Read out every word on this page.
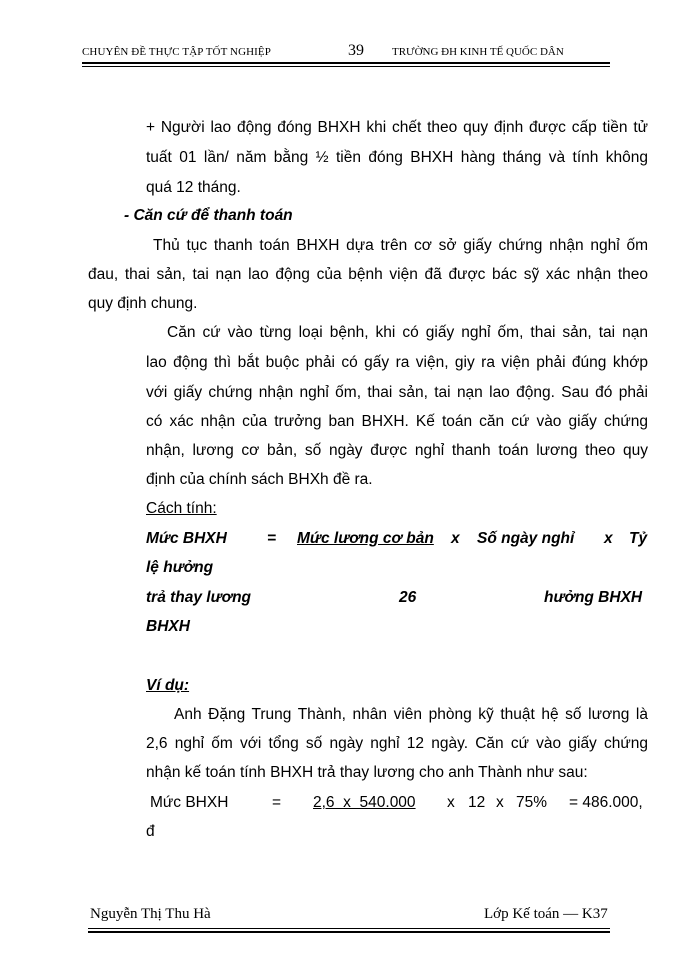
CHUYÊN ĐỀ THỰC TẬP TỐT NGHIỆP	39	TRƯỜNG ĐH KINH TẾ QUỐC DÂN
+ Người lao động đóng BHXH khi chết theo quy định được cấp tiền tử
tuất 01 lần/ năm bằng ½ tiền đóng BHXH hàng tháng và tính không
quá 12 tháng.
- Căn cứ để thanh toán
Thủ tục thanh toán BHXH dựa trên cơ sở giấy chứng nhận nghỉ ốm
đau, thai sản, tai nạn lao động của bệnh viện đã được bác sỹ xác nhận theo
quy định chung.
Căn cứ vào từng loại bệnh, khi có giấy nghỉ ốm, thai sản, tai nạn
lao động thì bắt buộc phải có gấy ra viện, giy ra viện phải đúng khớp
với giấy chứng nhận nghỉ ốm, thai sản, tai nạn lao động. Sau đó phải
có xác nhận của trưởng ban BHXH. Kế toán căn cứ vào giấy chứng
nhận, lương cơ bản, số ngày được nghỉ thanh toán lương theo quy
định của chính sách BHXh đề ra.
Cách tính:
Mức BHXH	= Mức lương cơ bản x Số ngày nghỉ x Tỷ
lệ hưởng
trả thay lương	26	hưởng BHXH
BHXH
Ví dụ:
Anh Đặng Trung Thành, nhân viên phòng kỹ thuật hệ số lương là
2,6 nghỉ ốm với tổng số ngày nghỉ 12 ngày. Căn cứ vào giấy chứng
nhận kế toán tính BHXH trả thay lương cho anh Thành như sau:
Mức BHXH	= 2,6  x  540.000 x 12 x 75% = 486.000,
đ
Nguyễn Thị Thu Hà	Lớp Kế toán — K37
